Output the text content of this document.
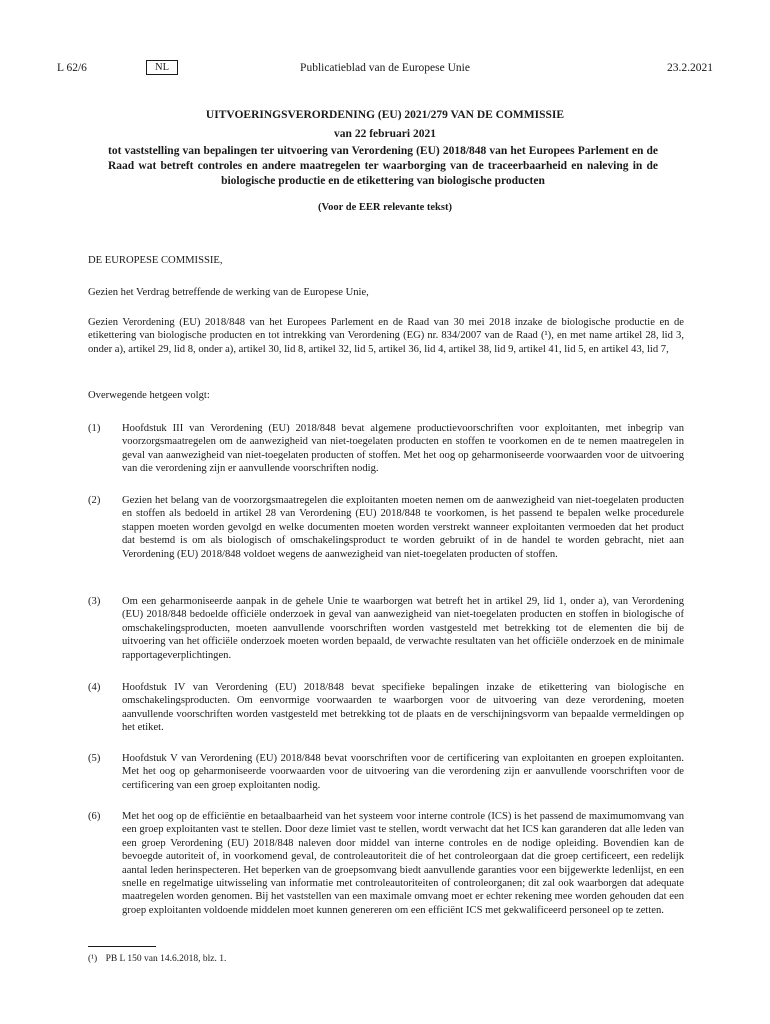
L 62/6	NL	Publicatieblad van de Europese Unie	23.2.2021
UITVOERINGSVERORDENING (EU) 2021/279 VAN DE COMMISSIE
van 22 februari 2021
tot vaststelling van bepalingen ter uitvoering van Verordening (EU) 2018/848 van het Europees Parlement en de Raad wat betreft controles en andere maatregelen ter waarborging van de traceerbaarheid en naleving in de biologische productie en de etikettering van biologische producten
(Voor de EER relevante tekst)
DE EUROPESE COMMISSIE,
Gezien het Verdrag betreffende de werking van de Europese Unie,
Gezien Verordening (EU) 2018/848 van het Europees Parlement en de Raad van 30 mei 2018 inzake de biologische productie en de etikettering van biologische producten en tot intrekking van Verordening (EG) nr. 834/2007 van de Raad (¹), en met name artikel 28, lid 3, onder a), artikel 29, lid 8, onder a), artikel 30, lid 8, artikel 32, lid 5, artikel 36, lid 4, artikel 38, lid 9, artikel 41, lid 5, en artikel 43, lid 7,
Overwegende hetgeen volgt:
(1) Hoofdstuk III van Verordening (EU) 2018/848 bevat algemene productievoorschriften voor exploitanten, met inbegrip van voorzorgsmaatregelen om de aanwezigheid van niet-toegelaten producten en stoffen te voorkomen en de te nemen maatregelen in geval van aanwezigheid van niet-toegelaten producten of stoffen. Met het oog op geharmoniseerde voorwaarden voor de uitvoering van die verordening zijn er aanvullende voorschriften nodig.
(2) Gezien het belang van de voorzorgsmaatregelen die exploitanten moeten nemen om de aanwezigheid van niet-toegelaten producten en stoffen als bedoeld in artikel 28 van Verordening (EU) 2018/848 te voorkomen, is het passend te bepalen welke procedurele stappen moeten worden gevolgd en welke documenten moeten worden verstrekt wanneer exploitanten vermoeden dat het product dat bestemd is om als biologisch of omschakelingsproduct te worden gebruikt of in de handel te worden gebracht, niet aan Verordening (EU) 2018/848 voldoet wegens de aanwezigheid van niet-toegelaten producten of stoffen.
(3) Om een geharmoniseerde aanpak in de gehele Unie te waarborgen wat betreft het in artikel 29, lid 1, onder a), van Verordening (EU) 2018/848 bedoelde officiële onderzoek in geval van aanwezigheid van niet-toegelaten producten en stoffen in biologische of omschakelingsproducten, moeten aanvullende voorschriften worden vastgesteld met betrekking tot de elementen die bij de uitvoering van het officiële onderzoek moeten worden bepaald, de verwachte resultaten van het officiële onderzoek en de minimale rapportageverplichtingen.
(4) Hoofdstuk IV van Verordening (EU) 2018/848 bevat specifieke bepalingen inzake de etikettering van biologische en omschakelingsproducten. Om eenvormige voorwaarden te waarborgen voor de uitvoering van deze verordening, moeten aanvullende voorschriften worden vastgesteld met betrekking tot de plaats en de verschijningsvorm van bepaalde vermeldingen op het etiket.
(5) Hoofdstuk V van Verordening (EU) 2018/848 bevat voorschriften voor de certificering van exploitanten en groepen exploitanten. Met het oog op geharmoniseerde voorwaarden voor de uitvoering van die verordening zijn er aanvullende voorschriften voor de certificering van een groep exploitanten nodig.
(6) Met het oog op de efficiëntie en betaalbaarheid van het systeem voor interne controle (ICS) is het passend de maximumomvang van een groep exploitanten vast te stellen. Door deze limiet vast te stellen, wordt verwacht dat het ICS kan garanderen dat alle leden van een groep Verordening (EU) 2018/848 naleven door middel van interne controles en de nodige opleiding. Bovendien kan de bevoegde autoriteit of, in voorkomend geval, de controleautoriteit die of het controleorgaan dat die groep certificeert, een redelijk aantal leden herinspecteren. Het beperken van de groepsomvang biedt aanvullende garanties voor een bijgewerkte ledenlijst, en een snelle en regelmatige uitwisseling van informatie met controleautoriteiten of controleorganen; dit zal ook waarborgen dat adequate maatregelen worden genomen. Bij het vaststellen van een maximale omvang moet er echter rekening mee worden gehouden dat een groep exploitanten voldoende middelen moet kunnen genereren om een efficiënt ICS met gekwalificeerd personeel op te zetten.
(¹) PB L 150 van 14.6.2018, blz. 1.
